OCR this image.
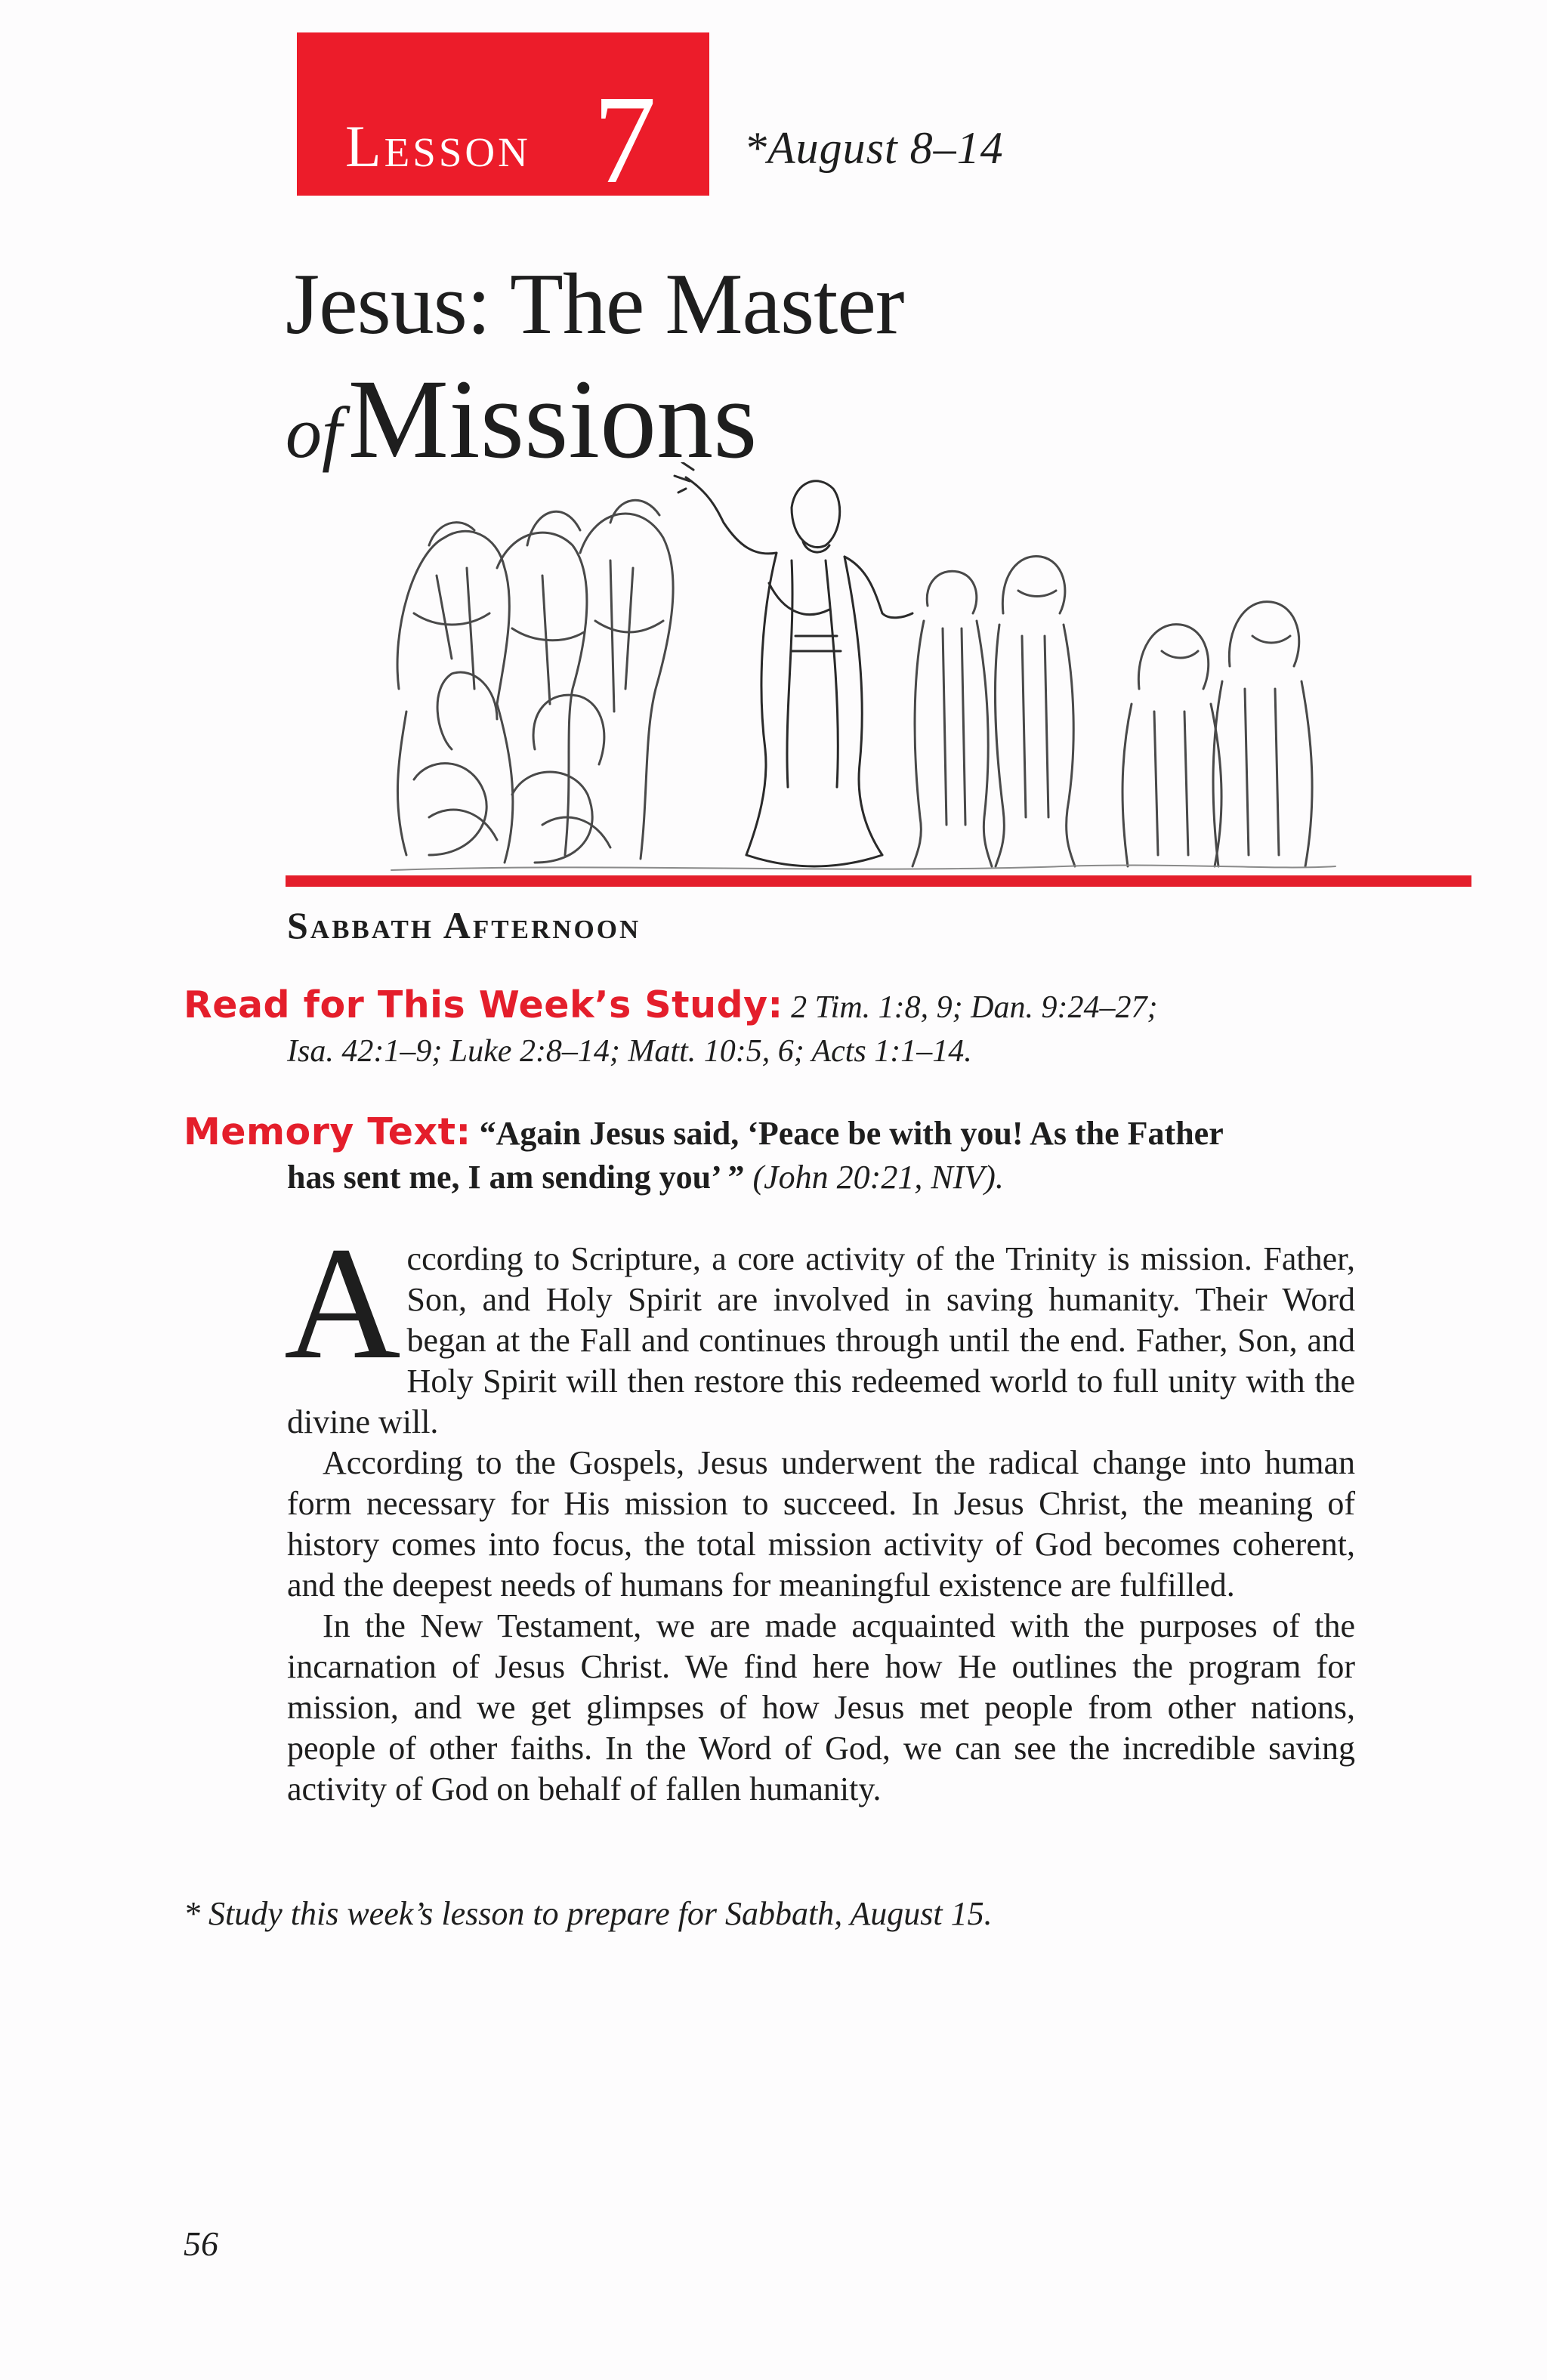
Lesson 7 *August 8–14
Jesus: The Master
ofMissions
Sabbath Afternoon
Read for This Week’s Study: 2 Tim. 1:8, 9; Dan. 9:24–27;
Isa. 42:1–9; Luke 2:8–14; Matt. 10:5, 6; Acts 1:1–14.
Memory Text: “Again Jesus said, ‘Peace be with you! As the Father
has sent me, I am sending you’ ” (John 20:21, NIV).

According to Scripture, a core activity of the Trinity is mission. Father, Son, and Holy Spirit are involved in saving humanity. Their Word began at the Fall and continues through until the end. Father, Son, and Holy Spirit will then restore this redeemed world to full unity with the divine will.

According to the Gospels, Jesus underwent the radical change into human form necessary for His mission to succeed. In Jesus Christ, the meaning of history comes into focus, the total mission activity of God becomes coherent, and the deepest needs of humans for meaningful existence are fulfilled.

In the New Testament, we are made acquainted with the purposes of the incarnation of Jesus Christ. We find here how He outlines the program for mission, and we get glimpses of how Jesus met people from other nations, people of other faiths. In the Word of God, we can see the incredible saving activity of God on behalf of fallen humanity.

* Study this week’s lesson to prepare for Sabbath, August 15.
56
